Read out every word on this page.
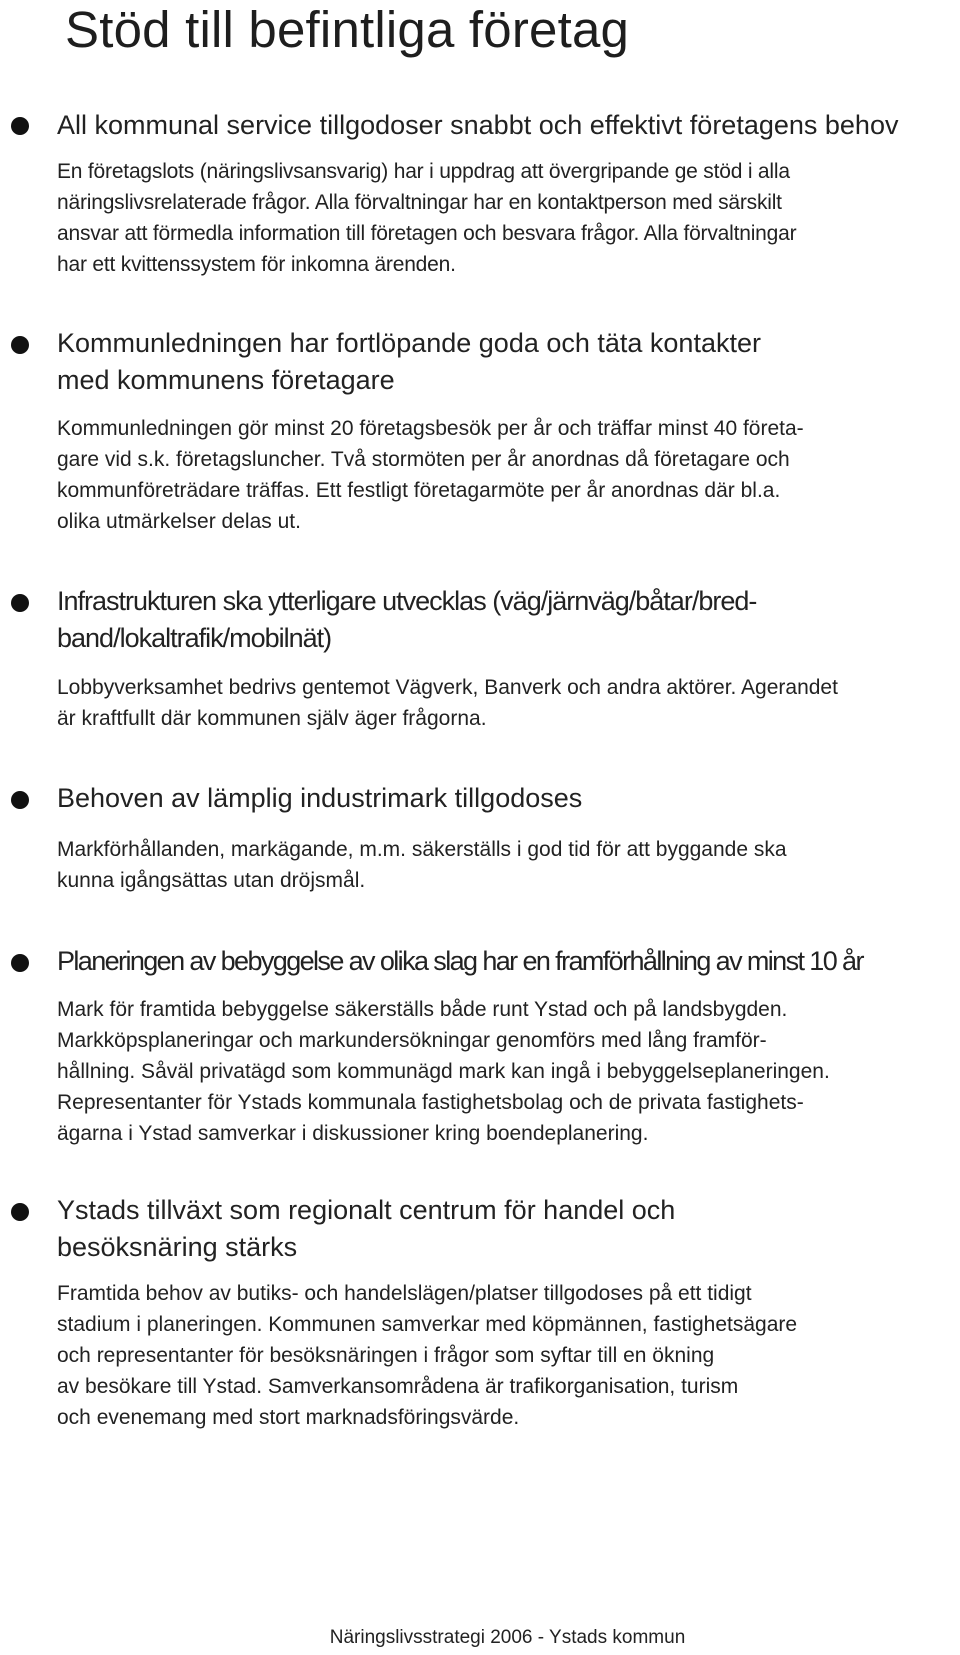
Stöd till befintliga företag
All kommunal service tillgodoser snabbt och effektivt företagens behov

En företagslots (näringslivsansvarig) har i uppdrag att övergripande ge stöd i alla
näringslivsrelaterade frågor. Alla förvaltningar har en kontaktperson med särskilt
ansvar att förmedla information till företagen och besvara frågor. Alla förvaltningar
har ett kvittenssystem för inkomna ärenden.

Kommunledningen har fortlöpande goda och täta kontakter
med kommunens företagare

Kommunledningen gör minst 20 företagsbesök per år och träffar minst 40 företa-
gare vid s.k. företagsluncher. Två stormöten per år anordnas då företagare och
kommunföreträdare träffas. Ett festligt företagarmöte per år anordnas där bl.a.
olika utmärkelser delas ut.

Infrastrukturen ska ytterligare utvecklas (väg/järnväg/båtar/bred-
band/lokaltrafik/mobilnät)

Lobbyverksamhet bedrivs gentemot Vägverk, Banverk och andra aktörer. Agerandet
är kraftfullt där kommunen själv äger frågorna.

Behoven av lämplig industrimark tillgodoses

Markförhållanden, markägande, m.m. säkerställs i god tid för att byggande ska
kunna igångsättas utan dröjsmål.

Planeringen av bebyggelse av olika slag har en framförhållning av minst 10 år

Mark för framtida bebyggelse säkerställs både runt Ystad och på landsbygden.
Markköpsplaneringar och markundersökningar genomförs med lång framför-
hållning. Såväl privatägd som kommunägd mark kan ingå i bebyggelseplaneringen.
Representanter för Ystads kommunala fastighetsbolag och de privata fastighets-
ägarna i Ystad samverkar i diskussioner kring boendeplanering.

Ystads tillväxt som regionalt centrum för handel och
besöksnäring stärks

Framtida behov av butiks- och handelslägen/platser tillgodoses på ett tidigt
stadium i planeringen. Kommunen samverkar med köpmännen, fastighetsägare
och representanter för besöksnäringen i frågor som syftar till en ökning
av besökare till Ystad. Samverkansområdena är trafikorganisation, turism
och evenemang med stort marknadsföringsvärde.

Näringslivsstrategi 2006 - Ystads kommun
